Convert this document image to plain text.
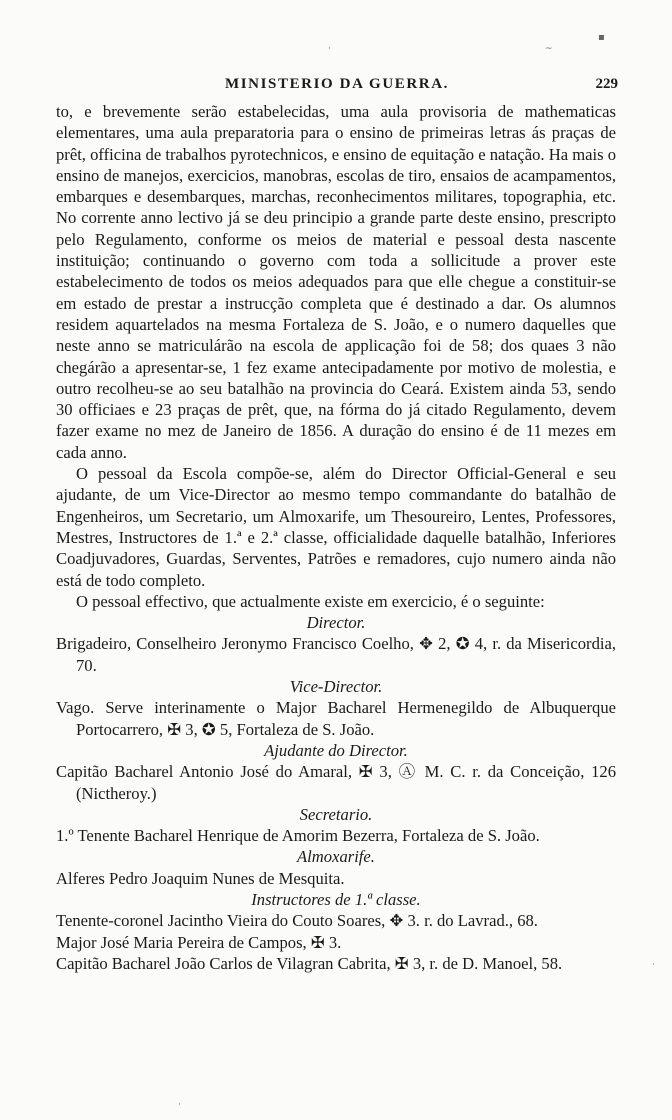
·	~
▪
MINISTERIO DA GUERRA.	229

to, e brevemente serão estabelecidas, uma aula provisoria de mathematicas elementares, uma aula preparatoria para o ensino de primeiras letras ás praças de prêt, officina de trabalhos pyrotechnicos, e ensino de equitação e natação. Ha mais o ensino de manejos, exercicios, manobras, escolas de tiro, ensaios de acampamentos, embarques e desembarques, marchas, reconhecimentos militares, topographia, etc. No corrente anno lectivo já se deu principio a grande parte deste ensino, prescripto pelo Regulamento, conforme os meios de material e pessoal desta nascente instituição; continuando o governo com toda a sollicitude a prover este estabelecimento de todos os meios adequados para que elle chegue a constituir-se em estado de prestar a instrucção completa que é destinado a dar. Os alumnos residem aquartelados na mesma Fortaleza de S. João, e o numero daquelles que neste anno se matriculárão na escola de applicação foi de 58; dos quaes 3 não chegárão a apresentar-se, 1 fez exame antecipadamente por motivo de molestia, e outro recolheu-se ao seu batalhão na provincia do Ceará. Existem ainda 53, sendo 30 officiaes e 23 praças de prêt, que, na fórma do já citado Regulamento, devem fazer exame no mez de Janeiro de 1856. A duração do ensino é de 11 mezes em cada anno.

O pessoal da Escola compõe-se, além do Director Official-General e seu ajudante, de um Vice-Director ao mesmo tempo commandante do batalhão de Engenheiros, um Secretario, um Almoxarife, um Thesoureiro, Lentes, Professores, Mestres, Instructores de 1.ª e 2.ª classe, officialidade daquelle batalhão, Inferiores Coadjuvadores, Guardas, Serventes, Patrões e remadores, cujo numero ainda não está de todo completo.

O pessoal effectivo, que actualmente existe em exercicio, é o seguinte:

Director.

Brigadeiro, Conselheiro Jeronymo Francisco Coelho, ✥ 2, ✪ 4, r. da Misericordia, 70.

Vice-Director.

Vago. Serve interinamente o Major Bacharel Hermenegildo de Albuquerque Portocarrero, ✠ 3, ✪ 5, Fortaleza de S. João.

Ajudante do Director.

Capitão Bacharel Antonio José do Amaral, ✠ 3, Ⓐ M. C. r. da Conceição, 126 (Nictheroy.)

Secretario.

1.º Tenente Bacharel Henrique de Amorim Bezerra, Fortaleza de S. João.

Almoxarife.

Alferes Pedro Joaquim Nunes de Mesquita.

Instructores de 1.ª classe.

Tenente-coronel Jacintho Vieira do Couto Soares, ✥ 3. r. do Lavrad., 68.

Major José Maria Pereira de Campos, ✠ 3.

Capitão Bacharel João Carlos de Vilagran Cabrita, ✠ 3, r. de D. Manoel, 58.

·
·
